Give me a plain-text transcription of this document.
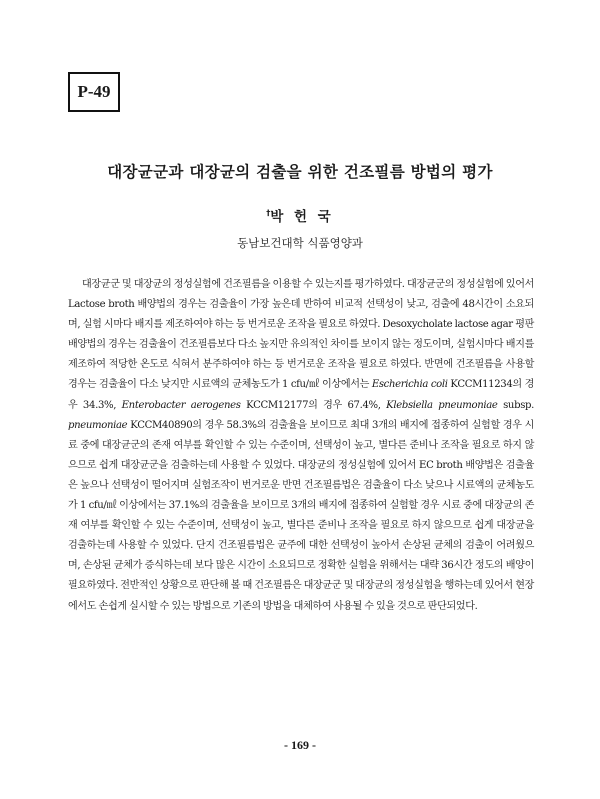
P-49
대장균군과 대장균의 검출을 위한 건조필름 방법의 평가
†박 헌 국
동남보건대학 식품영양과

대장균군 및 대장균의 정성실험에 건조필름을 이용할 수 있는지를 평가하였다. 대장균군의 정성실험에 있어서 Lactose broth 배양법의 경우는 검출율이 가장 높은데 반하여 비교적 선택성이 낮고, 검출에 48시간이 소요되며, 실험 시마다 배지를 제조하여야 하는 등 번거로운 조작을 필요로 하였다. Desoxycholate lactose agar 평판배양법의 경우는 검출율이 건조필름보다 다소 높지만 유의적인 차이를 보이지 않는 정도이며, 실험시마다 배지를 제조하여 적당한 온도로 식혀서 분주하여야 하는 등 번거로운 조작을 필요로 하였다. 반면에 건조필름을 사용할 경우는 검출율이 다소 낮지만 시료액의 균체농도가 1 cfu/㎖ 이상에서는 Escherichia coli KCCM11234의 경우 34.3%, Enterobacter aerogenes KCCM12177의 경우 67.4%, Klebsiella pneumoniae subsp. pneumoniae KCCM40890의 경우 58.3%의 검출율을 보이므로 최대 3개의 배지에 접종하여 실험할 경우 시료 중에 대장균군의 존재 여부를 확인할 수 있는 수준이며, 선택성이 높고, 별다른 준비나 조작을 필요로 하지 않으므로 쉽게 대장균군을 검출하는데 사용할 수 있었다. 대장균의 정성실험에 있어서 EC broth 배양법은 검출율은 높으나 선택성이 떨어지며 실험조작이 번거로운 반면 건조필름법은 검출율이 다소 낮으나 시료액의 균체농도가 1 cfu/㎖ 이상에서는 37.1%의 검출율을 보이므로 3개의 배지에 접종하여 실험할 경우 시료 중에 대장균의 존재 여부를 확인할 수 있는 수준이며, 선택성이 높고, 별다른 준비나 조작을 필요로 하지 않으므로 쉽게 대장균을 검출하는데 사용할 수 있었다. 단지 건조필름법은 균주에 대한 선택성이 높아서 손상된 균체의 검출이 어려웠으며, 손상된 균체가 증식하는데 보다 많은 시간이 소요되므로 정확한 실험을 위해서는 대략 36시간 정도의 배양이 필요하였다. 전반적인 상황으로 판단해 볼 때 건조필름은 대장균군 및 대장균의 정성실험을 행하는데 있어서 현장에서도 손쉽게 실시할 수 있는 방법으로 기존의 방법을 대체하여 사용될 수 있을 것으로 판단되었다.

- 169 -
